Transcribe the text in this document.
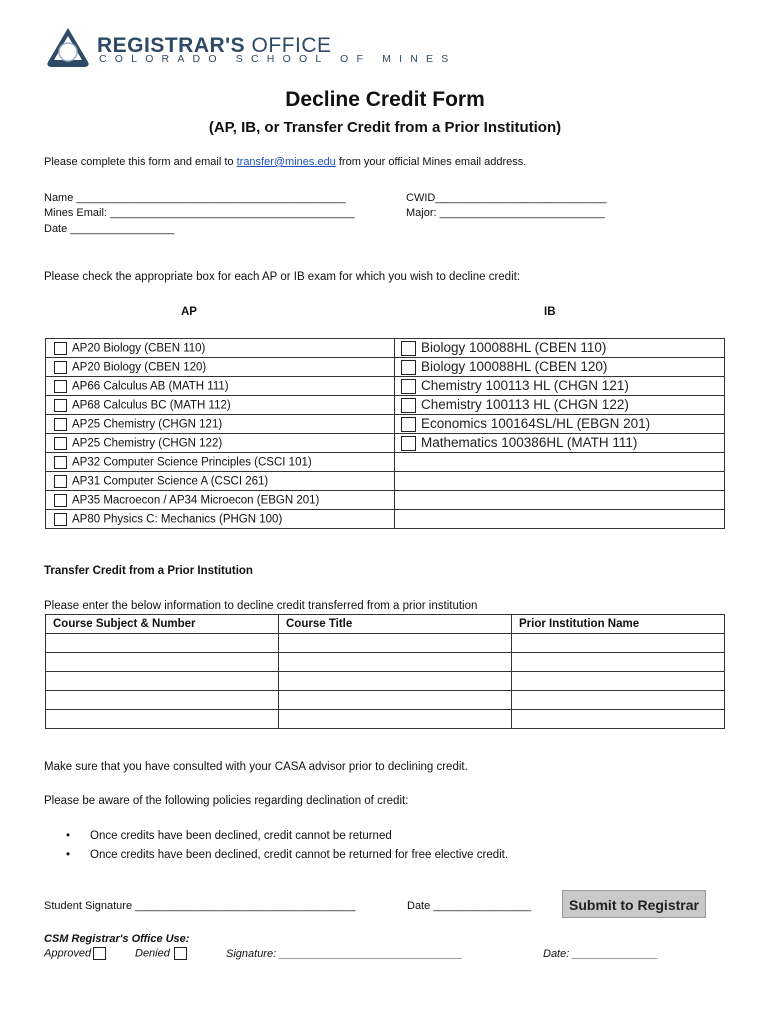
REGISTRAR'S OFFICE
COLORADO SCHOOL OF MINES
Decline Credit Form
(AP, IB, or Transfer Credit from a Prior Institution)
Please complete this form and email to transfer@mines.edu from your official Mines email address.
Name ____________________________________________
Mines Email: ________________________________________
Date _________________
CWID____________________________
Major: ___________________________
Please check the appropriate box for each AP or IB exam for which you wish to decline credit:
AP	IB
AP20 Biology (CBEN 110)	Biology 100088HL (CBEN 110)
AP20 Biology (CBEN 120)	Biology 100088HL (CBEN 120)
AP66 Calculus AB (MATH 111)	Chemistry 100113 HL (CHGN 121)
AP68 Calculus BC (MATH 112)	Chemistry 100113 HL (CHGN 122)
AP25 Chemistry (CHGN 121)	Economics 100164SL/HL (EBGN 201)
AP25 Chemistry (CHGN 122)	Mathematics 100386HL (MATH 111)
AP32 Computer Science Principles (CSCI 101)	
AP31 Computer Science A (CSCI 261)	
AP35 Macroecon / AP34 Microecon (EBGN 201)	
AP80 Physics C: Mechanics (PHGN 100)	
Transfer Credit from a Prior Institution
Please enter the below information to decline credit transferred from a prior institution
Course Subject & Number	Course Title	Prior Institution Name

Make sure that you have consulted with your CASA advisor prior to declining credit.
Please be aware of the following policies regarding declination of credit:
• Once credits have been declined, credit cannot be returned
• Once credits have been declined, credit cannot be returned for free elective credit.
Student Signature ____________________________________	Date ________________	Submit to Registrar
CSM Registrar's Office Use:
Approved	Denied	Signature: ______________________________	Date: ______________
